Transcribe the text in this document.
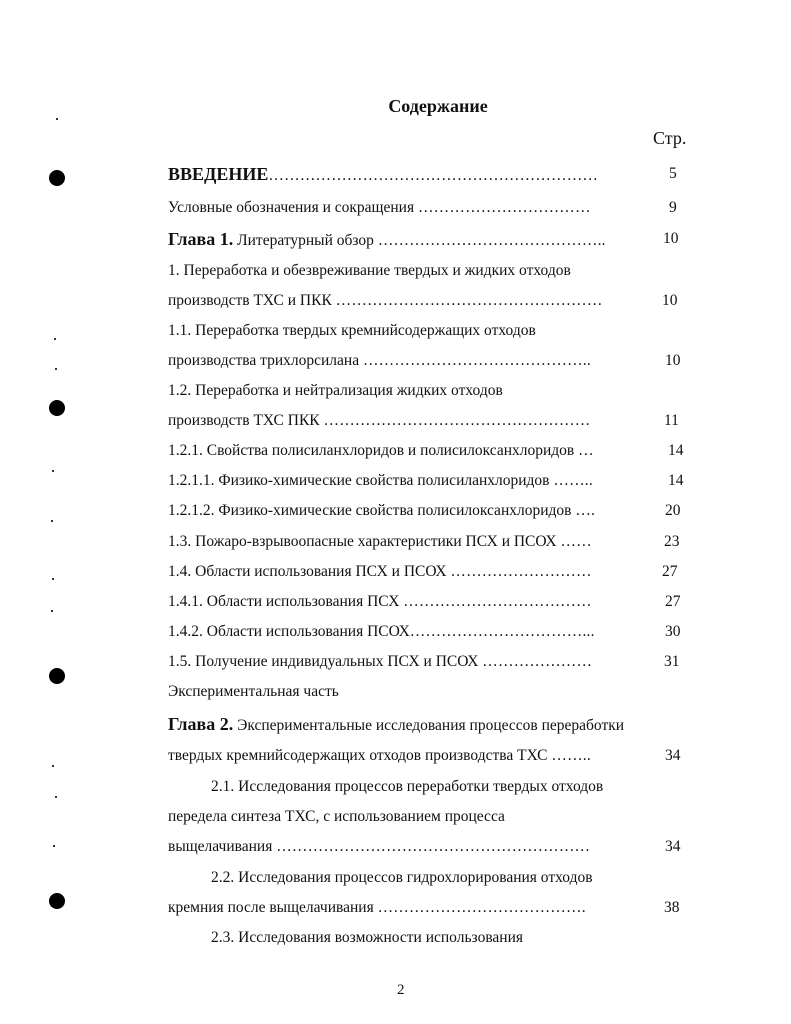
Содержание
Стр.
ВВЕДЕНИЕ………………………………………………………	5
Условные обозначения и сокращения ……………………………	9
Глава 1. Литературный обзор ……………………………………..	10
1. Переработка и обезвреживание твердых и жидких отходов
производств ТХС и ПКК ……………………………………………	10
1.1. Переработка твердых кремнийсодержащих отходов
производства трихлорсилана ……………………………………..	10
1.2. Переработка и нейтрализация жидких отходов
производств ТХС ПКК ……………………………………………	11
1.2.1. Свойства полисиланхлоридов и полисилоксанхлоридов …	14
1.2.1.1. Физико-химические свойства полисиланхлоридов ……..	14
1.2.1.2. Физико-химические свойства полисилоксанхлоридов ….	20
1.3. Пожаро-взрывоопасные характеристики ПСХ и ПСОХ ……	23
1.4. Области использования ПСХ и ПСОХ ………………………	27
1.4.1. Области использования ПСХ ………………………………	27
1.4.2. Области использования ПСОХ……………………………...	30
1.5. Получение индивидуальных ПСХ и ПСОХ …………………	31
Экспериментальная часть
Глава 2. Экспериментальные исследования процессов переработки
твердых кремнийсодержащих отходов производства ТХС ……..	34
2.1. Исследования процессов переработки твердых отходов
передела синтеза ТХС, с использованием процесса
выщелачивания ……………………………………………………	34
2.2. Исследования процессов гидрохлорирования отходов
кремния после выщелачивания ………………………………….	38
2.3. Исследования возможности использования
2
